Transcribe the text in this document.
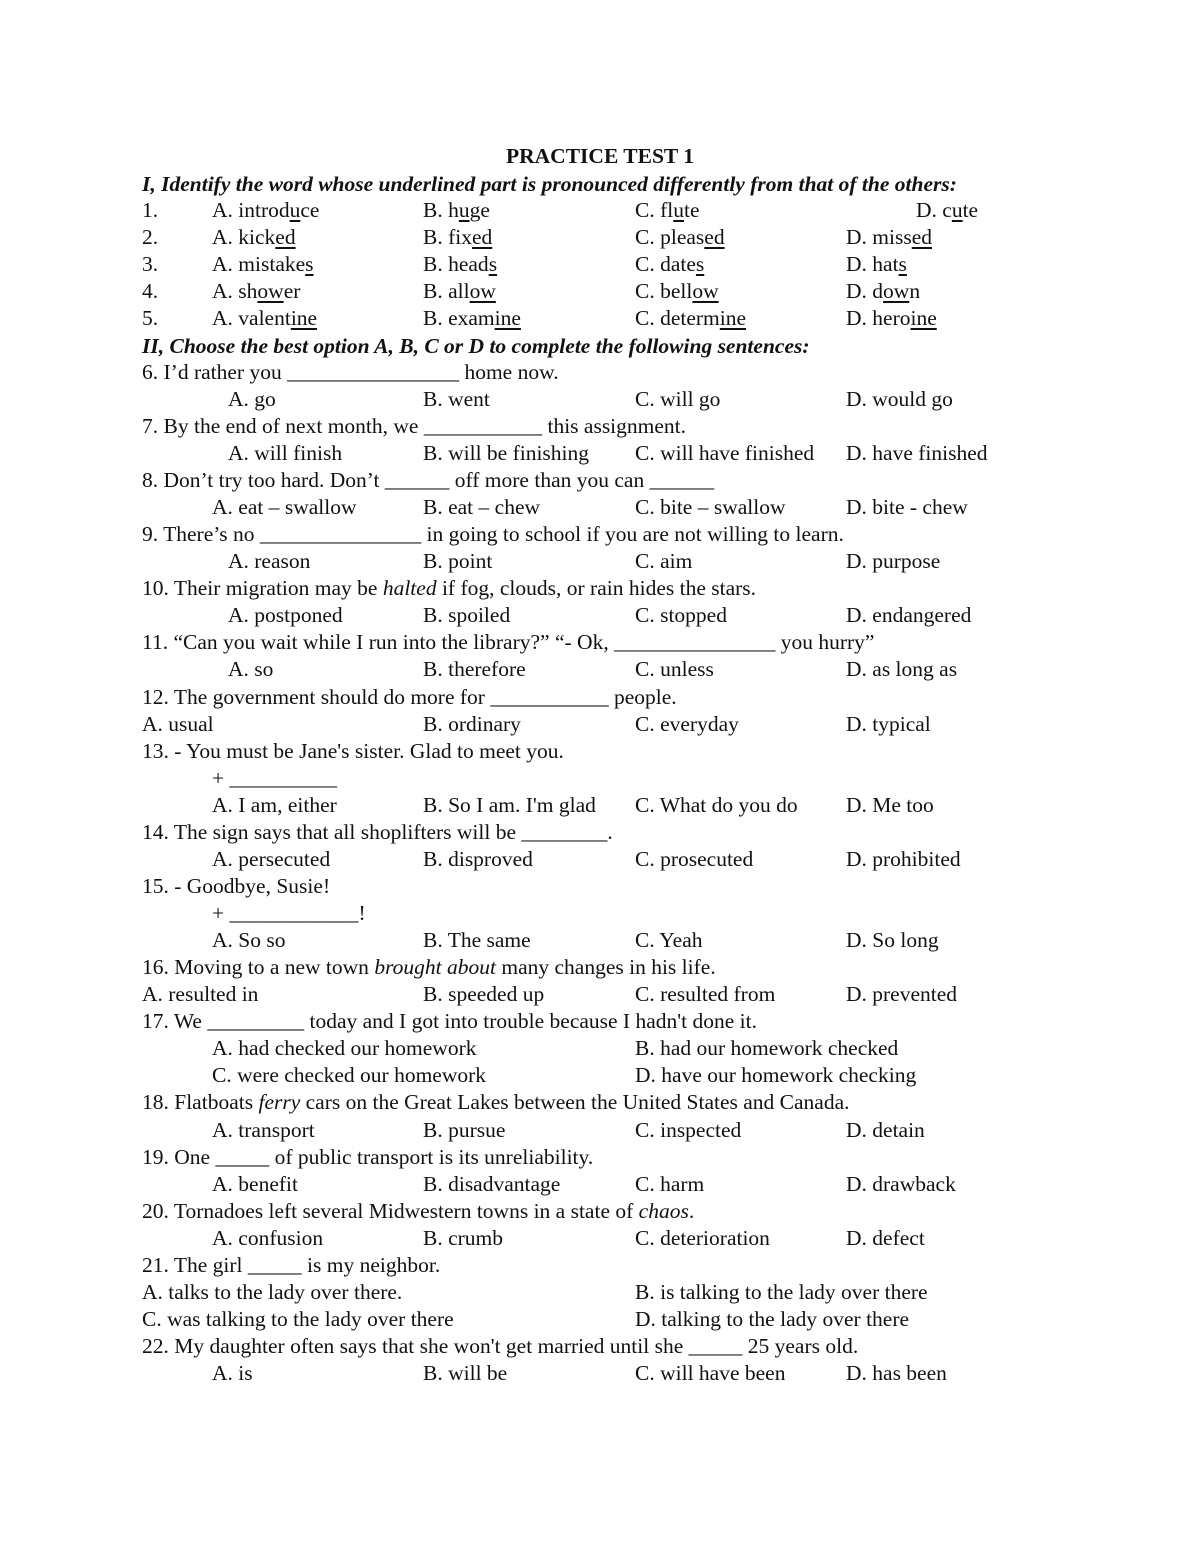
PRACTICE TEST 1
I, Identify the word whose underlined part is pronounced differently from that of the others:
1.	A. introduce	B. huge	C. flute	D. cute
2.	A. kicked	B. fixed	C. pleased	D. missed
3.	A. mistakes	B. heads	C. dates	D. hats
4.	A. shower	B. allow	C. bellow	D. down
5.	A. valentine	B. examine	C. determine	D. heroine
II, Choose the best option A, B, C or D to complete the following sentences:
6. I’d rather you ________________ home now.
A. go	B. went	C. will go	D. would go
7. By the end of next month, we ___________ this assignment.
A. will finish	B. will be finishing C. will have finished D. have finished
8. Don’t try too hard. Don’t ______ off more than you can ______
A. eat – swallow	B. eat – chew	C. bite – swallow	D. bite - chew
9. There’s no _______________ in going to school if you are not willing to learn.
A. reason	B. point	C. aim	D. purpose
10. Their migration may be halted if fog, clouds, or rain hides the stars.
A. postponed	B. spoiled	C. stopped	D. endangered
11. “Can you wait while I run into the library?” “- Ok, _______________ you hurry”
A. so	B. therefore	C. unless	D. as long as
12. The government should do more for ___________ people.
A. usual	B. ordinary	C. everyday	D. typical
13. - You must be Jane's sister. Glad to meet you.
+ __________
A. I am, either	B. So I am. I'm glad C. What do you do D. Me too
14. The sign says that all shoplifters will be ________.
A. persecuted	B. disproved	C. prosecuted	D. prohibited
15. - Goodbye, Susie!
+ ____________!
A. So so	B. The same	C. Yeah	D. So long
16. Moving to a new town brought about many changes in his life.
A. resulted in	B. speeded up	C. resulted from	D. prevented
17. We _________ today and I got into trouble because I hadn't done it.
A. had checked our homework	B. had our homework checked
C. were checked our homework	D. have our homework checking
18. Flatboats ferry cars on the Great Lakes between the United States and Canada.
A. transport	B. pursue	C. inspected	D. detain
19. One _____ of public transport is its unreliability.
A. benefit	B. disadvantage	C. harm	D. drawback
20. Tornadoes left several Midwestern towns in a state of chaos.
A. confusion	B. crumb	C. deterioration	D. defect
21. The girl _____ is my neighbor.
A. talks to the lady over there.	B. is talking to the lady over there
C. was talking to the lady over there	D. talking to the lady over there
22. My daughter often says that she won't get married until she _____ 25 years old.
A. is	B. will be	C. will have been	D. has been
